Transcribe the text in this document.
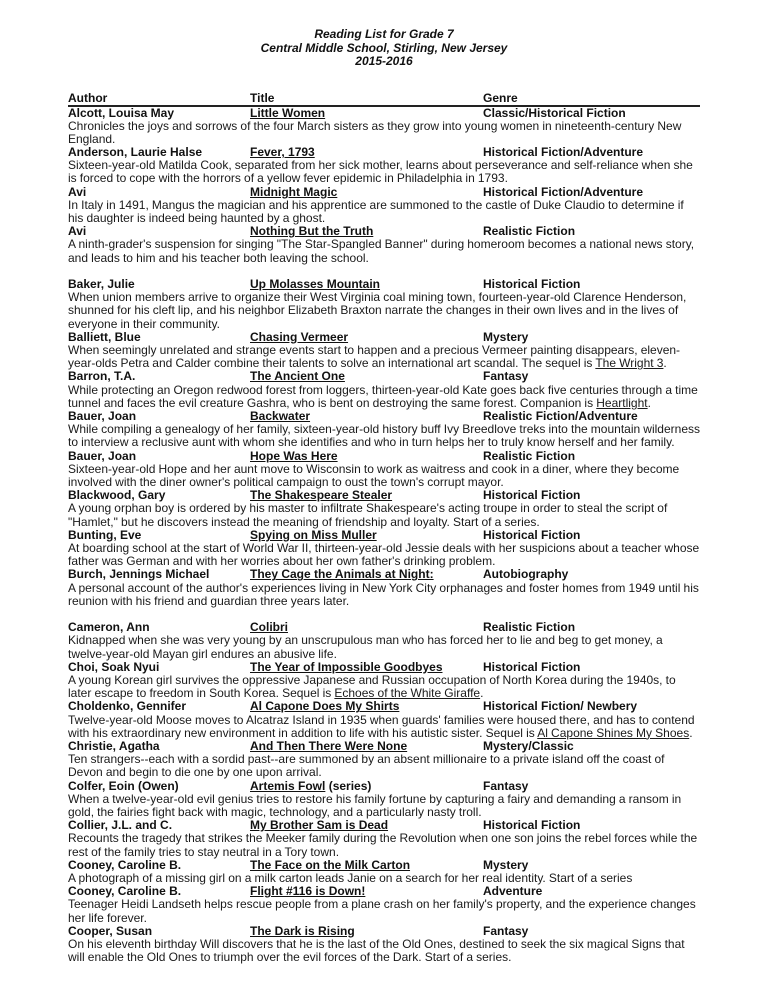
Reading List for Grade 7
Central Middle School, Stirling, New Jersey
2015-2016
Author	Title	Genre
Alcott, Louisa May	Little Women	Classic/Historical Fiction
Chronicles the joys and sorrows of the four March sisters as they grow into young women in nineteenth-century New England.
Anderson, Laurie Halse	Fever, 1793	Historical Fiction/Adventure
Sixteen-year-old Matilda Cook, separated from her sick mother, learns about perseverance and self-reliance when she is forced to cope with the horrors of a yellow fever epidemic in Philadelphia in 1793.
Avi	Midnight Magic	Historical Fiction/Adventure
In Italy in 1491, Mangus the magician and his apprentice are summoned to the castle of Duke Claudio to determine if his daughter is indeed being haunted by a ghost.
Avi	Nothing But the Truth	Realistic Fiction
A ninth-grader's suspension for singing "The Star-Spangled Banner" during homeroom becomes a national news story, and leads to him and his teacher both leaving the school.
Baker, Julie	Up Molasses Mountain	Historical Fiction
When union members arrive to organize their West Virginia coal mining town, fourteen-year-old Clarence Henderson, shunned for his cleft lip, and his neighbor Elizabeth Braxton narrate the changes in their own lives and in the lives of everyone in their community.
Balliett, Blue	Chasing Vermeer	Mystery
When seemingly unrelated and strange events start to happen and a precious Vermeer painting disappears, eleven-year-olds Petra and Calder combine their talents to solve an international art scandal. The sequel is The Wright 3.
Barron, T.A.	The Ancient One	Fantasy
While protecting an Oregon redwood forest from loggers, thirteen-year-old Kate goes back five centuries through a time tunnel and faces the evil creature Gashra, who is bent on destroying the same forest. Companion is Heartlight.
Bauer, Joan	Backwater	Realistic Fiction/Adventure
While compiling a genealogy of her family, sixteen-year-old history buff Ivy Breedlove treks into the mountain wilderness to interview a reclusive aunt with whom she identifies and who in turn helps her to truly know herself and her family.
Bauer, Joan	Hope Was Here	Realistic Fiction
Sixteen-year-old Hope and her aunt move to Wisconsin to work as waitress and cook in a diner, where they become involved with the diner owner's political campaign to oust the town's corrupt mayor.
Blackwood, Gary	The Shakespeare Stealer	Historical Fiction
A young orphan boy is ordered by his master to infiltrate Shakespeare's acting troupe in order to steal the script of "Hamlet," but he discovers instead the meaning of friendship and loyalty. Start of a series.
Bunting, Eve	Spying on Miss Muller	Historical Fiction
At boarding school at the start of World War II, thirteen-year-old Jessie deals with her suspicions about a teacher whose father was German and with her worries about her own father's drinking problem.
Burch, Jennings Michael	They Cage the Animals at Night:	Autobiography
A personal account of the author's experiences living in New York City orphanages and foster homes from 1949 until his reunion with his friend and guardian three years later.
Cameron, Ann	Colibri	Realistic Fiction
Kidnapped when she was very young by an unscrupulous man who has forced her to lie and beg to get money, a twelve-year-old Mayan girl endures an abusive life.
Choi, Soak Nyui	The Year of Impossible Goodbyes	Historical Fiction
A young Korean girl survives the oppressive Japanese and Russian occupation of North Korea during the 1940s, to later escape to freedom in South Korea. Sequel is Echoes of the White Giraffe.
Choldenko, Gennifer	Al Capone Does My Shirts	Historical Fiction/ Newbery
Twelve-year-old Moose moves to Alcatraz Island in 1935 when guards' families were housed there, and has to contend with his extraordinary new environment in addition to life with his autistic sister. Sequel is Al Capone Shines My Shoes.
Christie, Agatha	And Then There Were None	Mystery/Classic
Ten strangers--each with a sordid past--are summoned by an absent millionaire to a private island off the coast of Devon and begin to die one by one upon arrival.
Colfer, Eoin (Owen)	Artemis Fowl (series)	Fantasy
When a twelve-year-old evil genius tries to restore his family fortune by capturing a fairy and demanding a ransom in gold, the fairies fight back with magic, technology, and a particularly nasty troll.
Collier, J.L. and C.	My Brother Sam is Dead	Historical Fiction
Recounts the tragedy that strikes the Meeker family during the Revolution when one son joins the rebel forces while the rest of the family tries to stay neutral in a Tory town.
Cooney, Caroline B.	The Face on the Milk Carton	Mystery
A photograph of a missing girl on a milk carton leads Janie on a search for her real identity. Start of a series
Cooney, Caroline B.	Flight #116 is Down!	Adventure
Teenager Heidi Landseth helps rescue people from a plane crash on her family's property, and the experience changes her life forever.
Cooper, Susan	The Dark is Rising	Fantasy
On his eleventh birthday Will discovers that he is the last of the Old Ones, destined to seek the six magical Signs that will enable the Old Ones to triumph over the evil forces of the Dark. Start of a series.
